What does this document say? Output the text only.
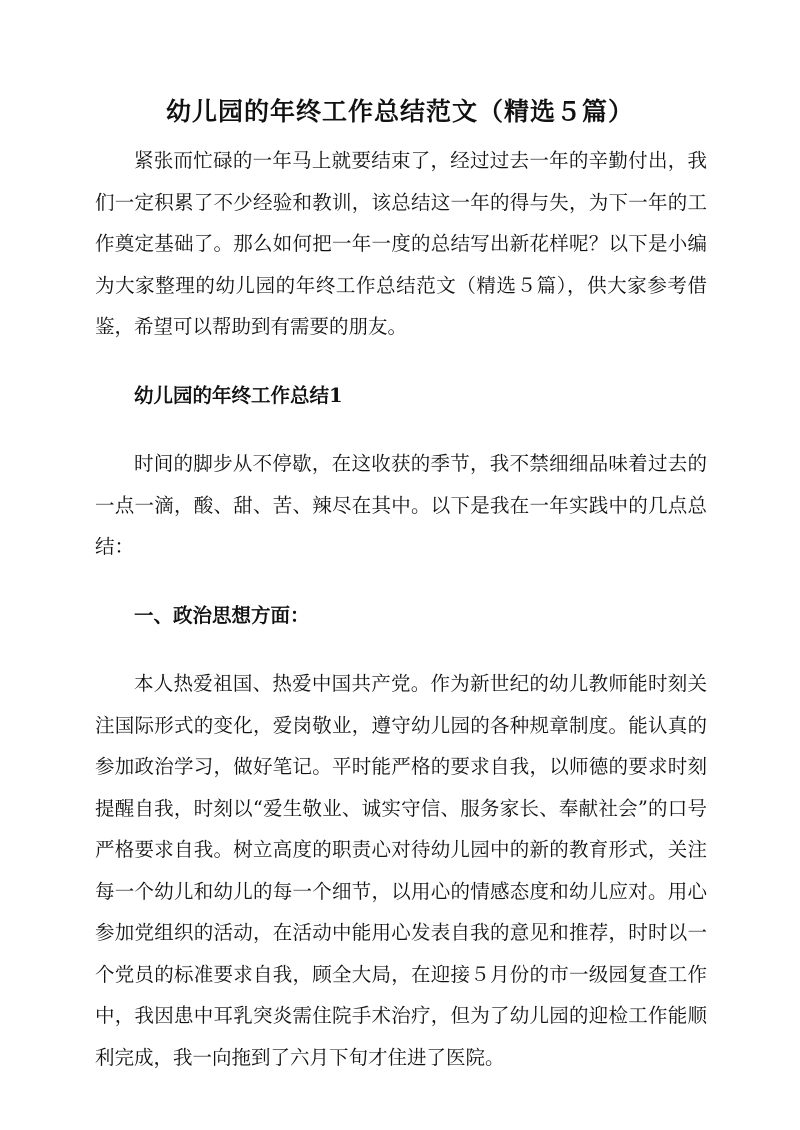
幼儿园的年终工作总结范文（精选５篇）

紧张而忙碌的一年马上就要结束了，经过过去一年的辛勤付出，我们一定积累了不少经验和教训，该总结这一年的得与失，为下一年的工作奠定基础了。那么如何把一年一度的总结写出新花样呢？以下是小编为大家整理的幼儿园的年终工作总结范文（精选５篇），供大家参考借鉴，希望可以帮助到有需要的朋友。

幼儿园的年终工作总结1

时间的脚步从不停歇，在这收获的季节，我不禁细细品味着过去的一点一滴，酸、甜、苦、辣尽在其中。以下是我在一年实践中的几点总结：

一、政治思想方面：

本人热爱祖国、热爱中国共产党。作为新世纪的幼儿教师能时刻关注国际形式的变化，爱岗敬业，遵守幼儿园的各种规章制度。能认真的参加政治学习，做好笔记。平时能严格的要求自我，以师德的要求时刻提醒自我，时刻以“爱生敬业、诚实守信、服务家长、奉献社会”的口号严格要求自我。树立高度的职责心对待幼儿园中的新的教育形式，关注每一个幼儿和幼儿的每一个细节，以用心的情感态度和幼儿应对。用心参加党组织的活动，在活动中能用心发表自我的意见和推荐，时时以一个党员的标准要求自我，顾全大局，在迎接５月份的市一级园复查工作中，我因患中耳乳突炎需住院手术治疗，但为了幼儿园的迎检工作能顺利完成，我一向拖到了六月下旬才住进了医院。
